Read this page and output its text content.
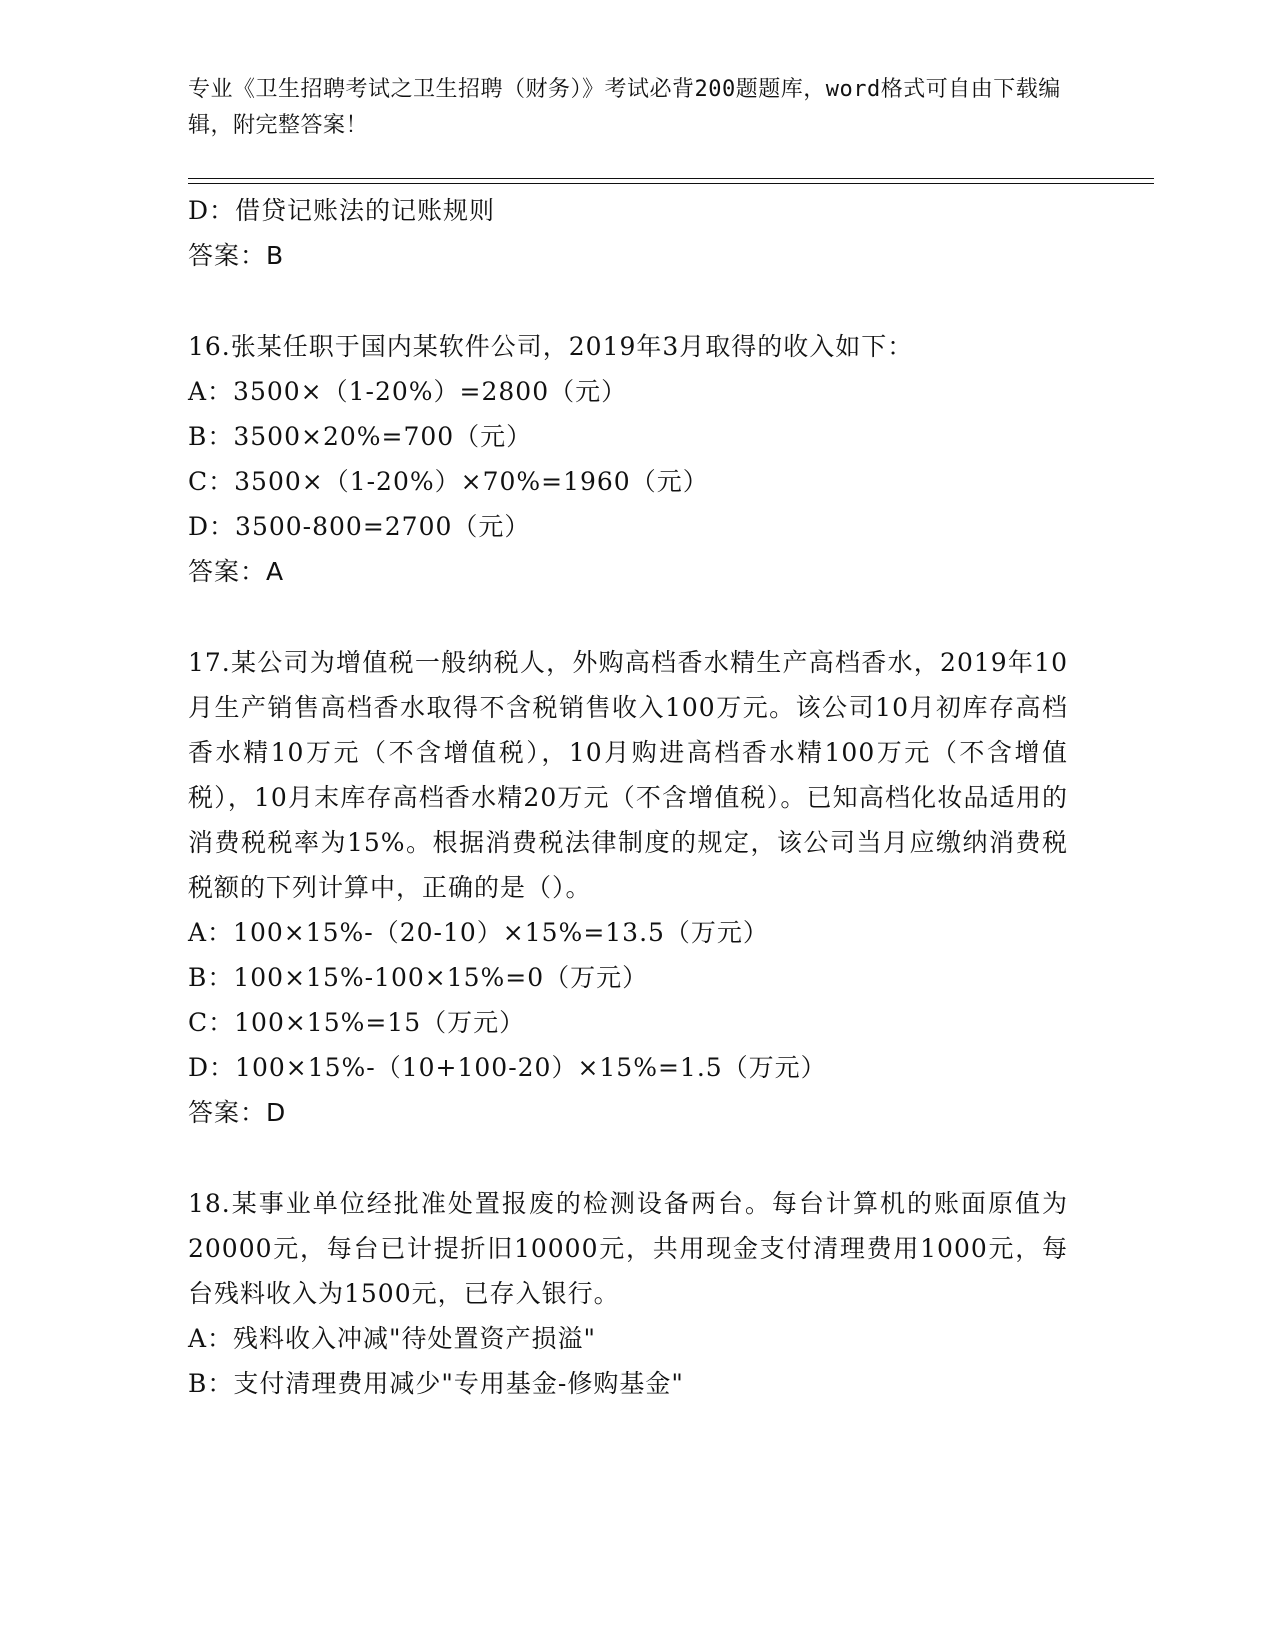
专业《卫生招聘考试之卫生招聘（财务）》考试必背200题题库，word格式可自由下载编辑，附完整答案！
D：借贷记账法的记账规则
答案：B
16.张某任职于国内某软件公司，2019年3月取得的收入如下：
A：3500×（1-20%）=2800（元）
B：3500×20%=700（元）
C：3500×（1-20%）×70%=1960（元）
D：3500-800=2700（元）
答案：A
17.某公司为增值税一般纳税人，外购高档香水精生产高档香水，2019年10月生产销售高档香水取得不含税销售收入100万元。该公司10月初库存高档香水精10万元（不含增值税），10月购进高档香水精100万元（不含增值税），10月末库存高档香水精20万元（不含增值税）。已知高档化妆品适用的消费税税率为15%。根据消费税法律制度的规定，该公司当月应缴纳消费税税额的下列计算中，正确的是（）。
A：100×15%-（20-10）×15%=13.5（万元）
B：100×15%-100×15%=0（万元）
C：100×15%=15（万元）
D：100×15%-（10+100-20）×15%=1.5（万元）
答案：D
18.某事业单位经批准处置报废的检测设备两台。每台计算机的账面原值为20000元，每台已计提折旧10000元，共用现金支付清理费用1000元，每台残料收入为1500元，已存入银行。
A：残料收入冲减"待处置资产损溢"
B：支付清理费用减少"专用基金-修购基金"
